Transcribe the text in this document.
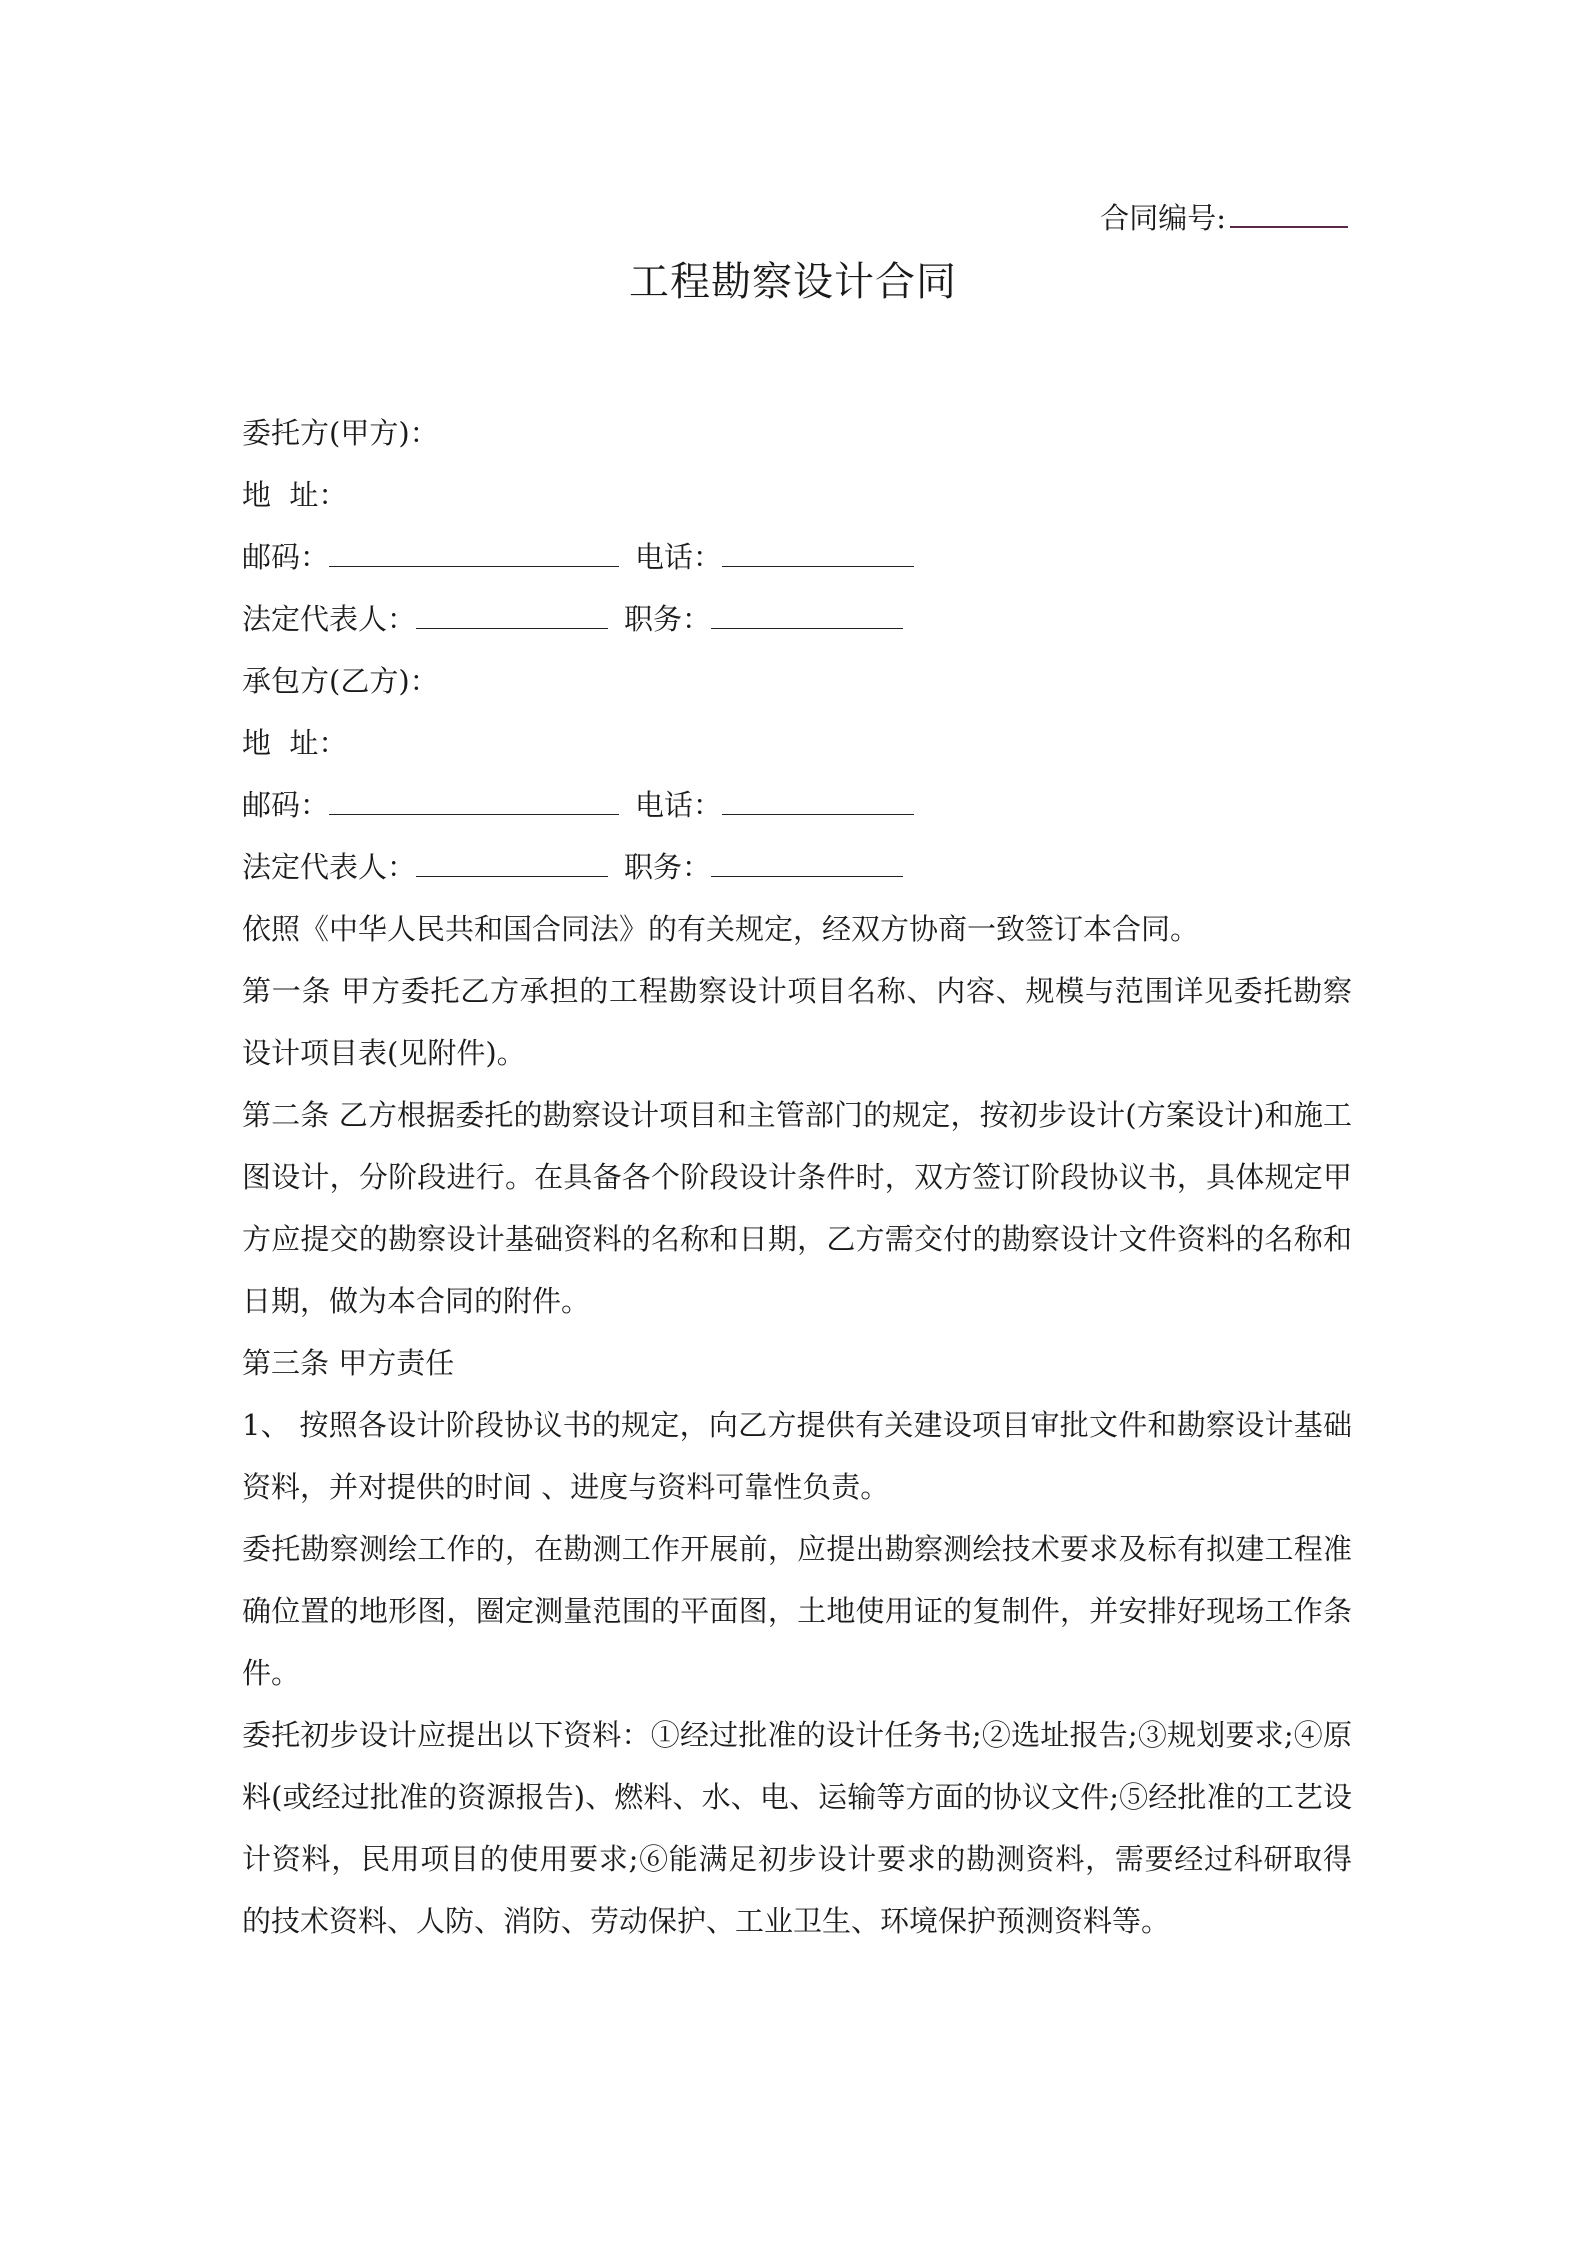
合同编号:
工程勘察设计合同
委托方(甲方)：
地  址：
邮码：	电话：
法定代表人：	职务：
承包方(乙方)：
地  址：
邮码：	电话：
法定代表人：	职务：
依照《中华人民共和国合同法》的有关规定，经双方协商一致签订本合同。
第一条 甲方委托乙方承担的工程勘察设计项目名称、内容、规模与范围详见委托勘察设计项目表(见附件)。
第二条 乙方根据委托的勘察设计项目和主管部门的规定，按初步设计(方案设计)和施工图设计，分阶段进行。在具备各个阶段设计条件时，双方签订阶段协议书，具体规定甲方应提交的勘察设计基础资料的名称和日期，乙方需交付的勘察设计文件资料的名称和日期，做为本合同的附件。
第三条 甲方责任
1、 按照各设计阶段协议书的规定，向乙方提供有关建设项目审批文件和勘察设计基础资料，并对提供的时间 、进度与资料可靠性负责。
委托勘察测绘工作的，在勘测工作开展前，应提出勘察测绘技术要求及标有拟建工程准确位置的地形图，圈定测量范围的平面图，土地使用证的复制件，并安排好现场工作条件。
委托初步设计应提出以下资料：①经过批准的设计任务书;②选址报告;③规划要求;④原料(或经过批准的资源报告)、燃料、水、电、运输等方面的协议文件;⑤经批准的工艺设计资料，民用项目的使用要求;⑥能满足初步设计要求的勘测资料，需要经过科研取得的技术资料、人防、消防、劳动保护、工业卫生、环境保护预测资料等。
